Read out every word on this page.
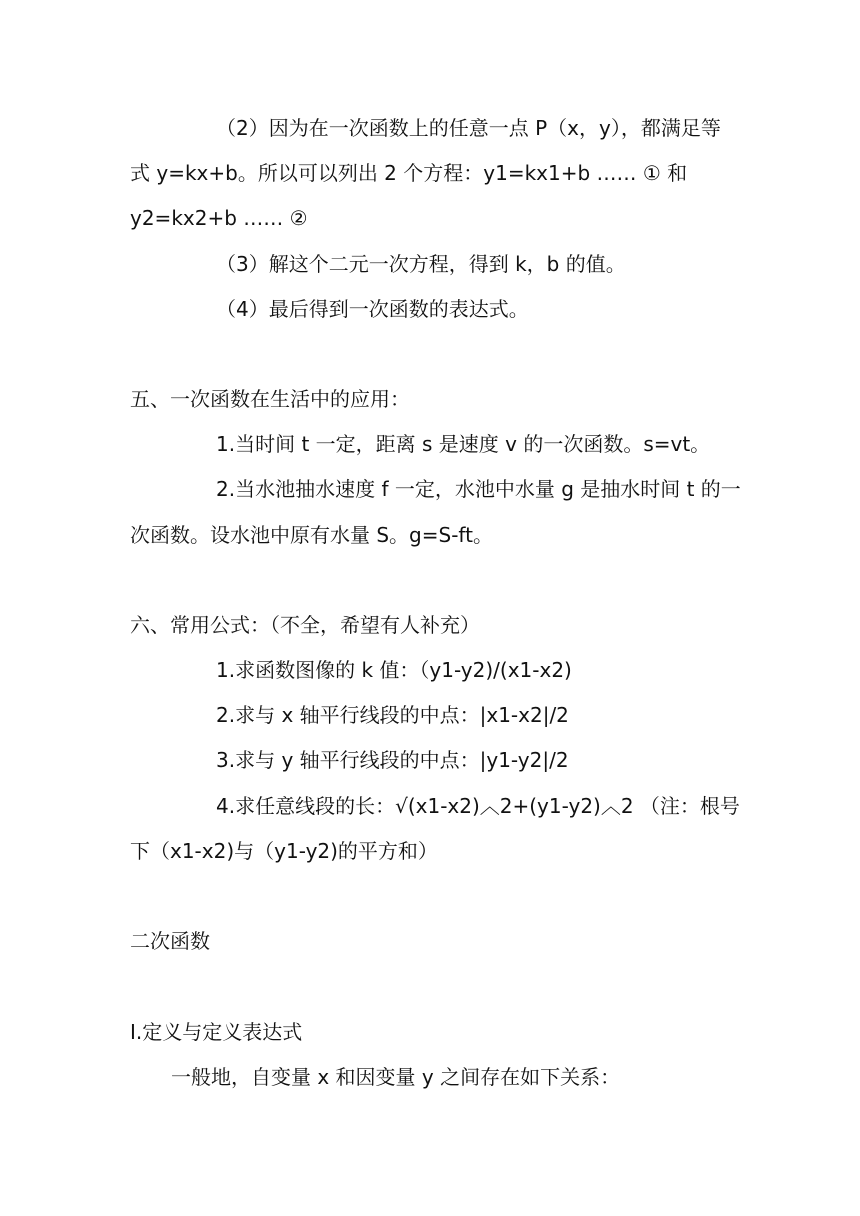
（2）因为在一次函数上的任意一点 P（x，y），都满足等
式 y=kx+b。所以可以列出 2 个方程：y1=kx1+b …… ① 和
y2=kx2+b …… ②
（3）解这个二元一次方程，得到 k，b 的值。
（4）最后得到一次函数的表达式。
五、一次函数在生活中的应用：
1.当时间 t 一定，距离 s 是速度 v 的一次函数。s=vt。
2.当水池抽水速度 f 一定，水池中水量 g 是抽水时间 t 的一
次函数。设水池中原有水量 S。g=S-ft。
六、常用公式：（不全，希望有人补充）
1.求函数图像的 k 值：（y1-y2)/(x1-x2)
2.求与 x 轴平行线段的中点：|x1-x2|/2
3.求与 y 轴平行线段的中点：|y1-y2|/2
4.求任意线段的长：√(x1-x2)︿2+(y1-y2)︿2 （注：根号
下（x1-x2)与（y1-y2)的平方和）
二次函数
I.定义与定义表达式
一般地，自变量 x 和因变量 y 之间存在如下关系：
